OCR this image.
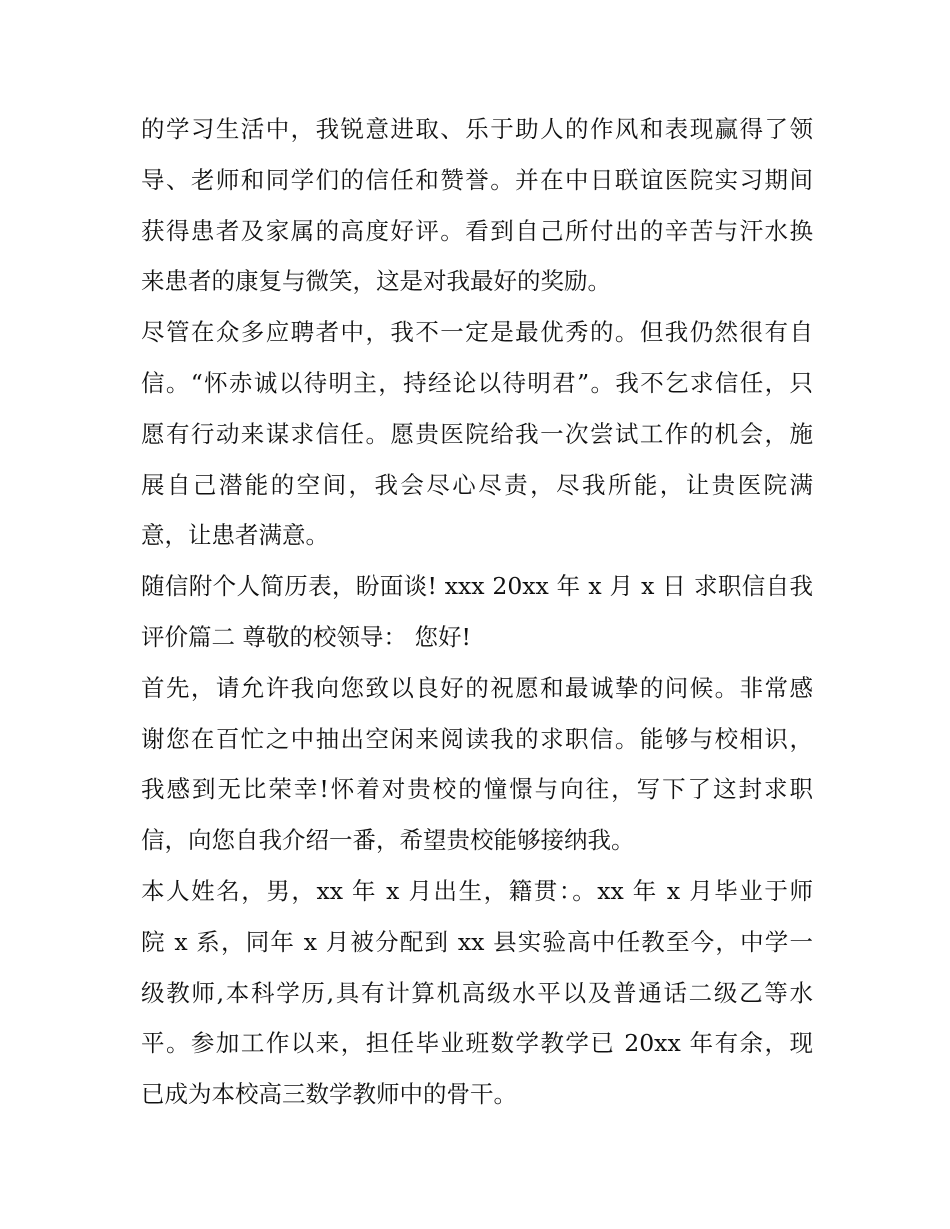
的学习生活中，我锐意进取、乐于助人的作风和表现赢得了领
导、老师和同学们的信任和赞誉。并在中日联谊医院实习期间
获得患者及家属的高度好评。看到自己所付出的辛苦与汗水换
来患者的康复与微笑，这是对我最好的奖励。
尽管在众多应聘者中，我不一定是最优秀的。但我仍然很有自
信。“怀赤诚以待明主，持经论以待明君”。我不乞求信任，只
愿有行动来谋求信任。愿贵医院给我一次尝试工作的机会，施
展自己潜能的空间，我会尽心尽责，尽我所能，让贵医院满
意，让患者满意。
随信附个人简历表，盼面谈! xxx 20xx 年 x 月 x 日 求职信自我
评价篇二 尊敬的校领导： 您好!
首先，请允许我向您致以良好的祝愿和最诚挚的问候。非常感
谢您在百忙之中抽出空闲来阅读我的求职信。能够与校相识，
我感到无比荣幸!怀着对贵校的憧憬与向往，写下了这封求职
信，向您自我介绍一番，希望贵校能够接纳我。
本人姓名，男，xx 年 x 月出生，籍贯：。xx 年 x 月毕业于师
院 x 系，同年 x 月被分配到 xx 县实验高中任教至今，中学一
级教师,本科学历,具有计算机高级水平以及普通话二级乙等水
平。参加工作以来，担任毕业班数学教学已 20xx 年有余，现
已成为本校高三数学教师中的骨干。
